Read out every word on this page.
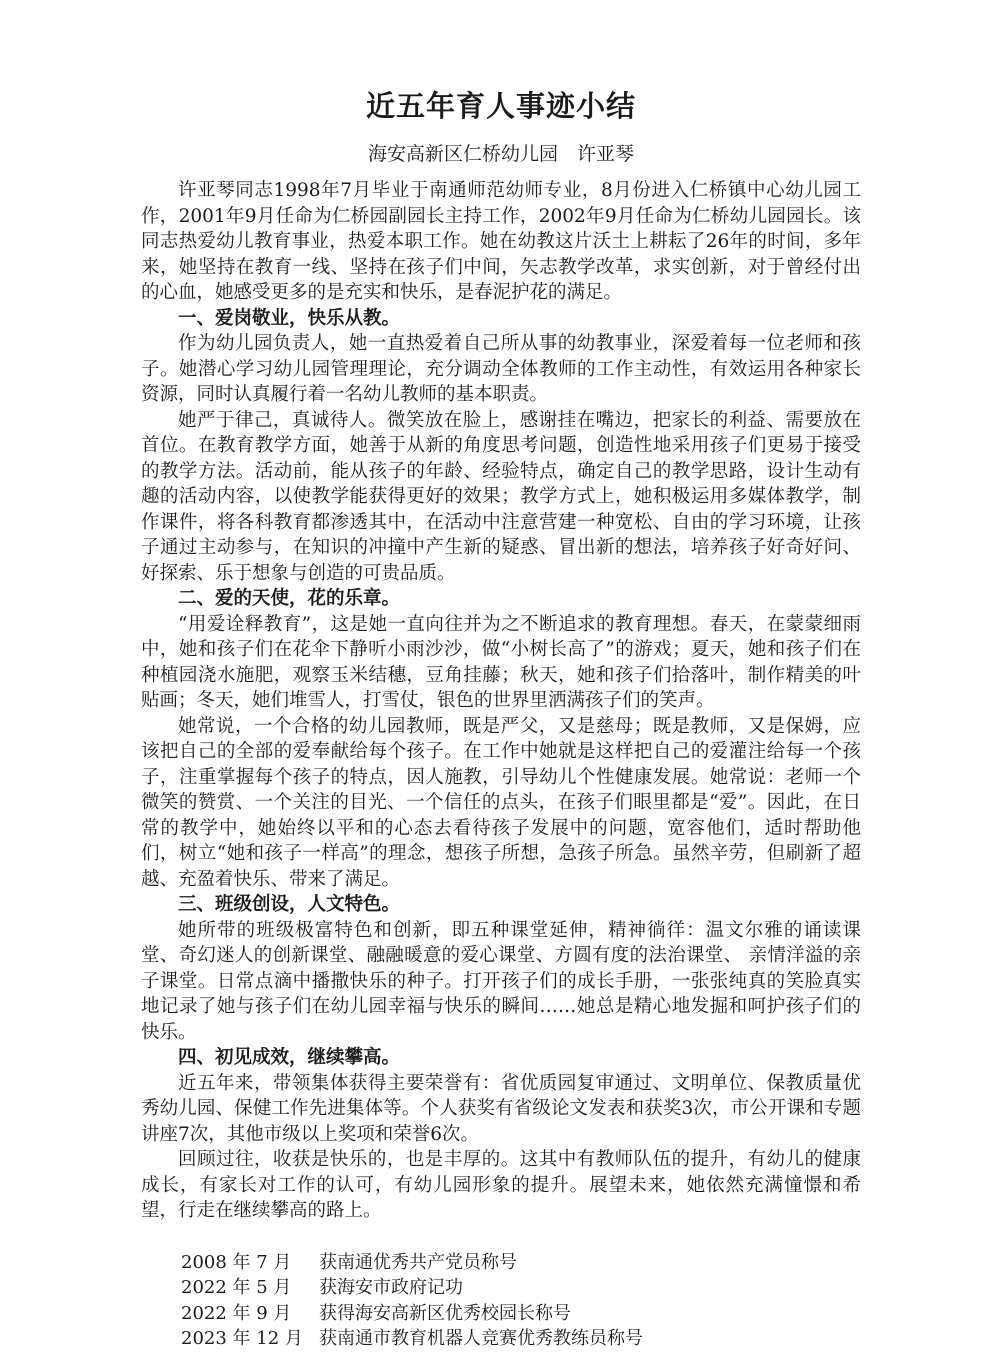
近五年育人事迹小结
海安高新区仁桥幼儿园　许亚琴

许亚琴同志1998年7月毕业于南通师范幼师专业，8月份进入仁桥镇中心幼儿园工作，2001年9月任命为仁桥园副园长主持工作，2002年9月任命为仁桥幼儿园园长。该同志热爱幼儿教育事业，热爱本职工作。她在幼教这片沃土上耕耘了26年的时间，多年来，她坚持在教育一线、坚持在孩子们中间，矢志教学改革，求实创新，对于曾经付出的心血，她感受更多的是充实和快乐，是春泥护花的满足。

一、爱岗敬业，快乐从教。

作为幼儿园负责人，她一直热爱着自己所从事的幼教事业，深爱着每一位老师和孩子。她潜心学习幼儿园管理理论，充分调动全体教师的工作主动性，有效运用各种家长资源，同时认真履行着一名幼儿教师的基本职责。

她严于律己，真诚待人。微笑放在脸上，感谢挂在嘴边，把家长的利益、需要放在首位。在教育教学方面，她善于从新的角度思考问题，创造性地采用孩子们更易于接受的教学方法。活动前，能从孩子的年龄、经验特点，确定自己的教学思路，设计生动有趣的活动内容，以使教学能获得更好的效果；教学方式上，她积极运用多媒体教学，制作课件，将各科教育都渗透其中，在活动中注意营建一种宽松、自由的学习环境，让孩子通过主动参与，在知识的冲撞中产生新的疑惑、冒出新的想法，培养孩子好奇好问、好探索、乐于想象与创造的可贵品质。

二、爱的天使，花的乐章。

“用爱诠释教育”，这是她一直向往并为之不断追求的教育理想。春天，在蒙蒙细雨中，她和孩子们在花伞下静听小雨沙沙，做“小树长高了”的游戏；夏天，她和孩子们在种植园浇水施肥，观察玉米结穗，豆角挂藤；秋天，她和孩子们拾落叶，制作精美的叶贴画；冬天，她们堆雪人，打雪仗，银色的世界里洒满孩子们的笑声。

她常说，一个合格的幼儿园教师，既是严父，又是慈母；既是教师，又是保姆，应该把自己的全部的爱奉献给每个孩子。在工作中她就是这样把自己的爱灌注给每一个孩子，注重掌握每个孩子的特点，因人施教，引导幼儿个性健康发展。她常说：老师一个微笑的赞赏、一个关注的目光、一个信任的点头，在孩子们眼里都是“爱”。因此，在日常的教学中，她始终以平和的心态去看待孩子发展中的问题，宽容他们，适时帮助他们，树立“她和孩子一样高”的理念，想孩子所想，急孩子所急。虽然辛劳，但刷新了超越、充盈着快乐、带来了满足。

三、班级创设，人文特色。

她所带的班级极富特色和创新，即五种课堂延伸，精神徜徉：温文尔雅的诵读课堂、奇幻迷人的创新课堂、融融暖意的爱心课堂、方圆有度的法治课堂、 亲情洋溢的亲子课堂。日常点滴中播撒快乐的种子。打开孩子们的成长手册，一张张纯真的笑脸真实地记录了她与孩子们在幼儿园幸福与快乐的瞬间……她总是精心地发掘和呵护孩子们的快乐。

四、初见成效，继续攀高。

近五年来，带领集体获得主要荣誉有：省优质园复审通过、文明单位、保教质量优秀幼儿园、保健工作先进集体等。个人获奖有省级论文发表和获奖3次，市公开课和专题讲座7次，其他市级以上奖项和荣誉6次。

回顾过往，收获是快乐的，也是丰厚的。这其中有教师队伍的提升，有幼儿的健康成长，有家长对工作的认可，有幼儿园形象的提升。展望未来，她依然充满憧憬和希望，行走在继续攀高的路上。

2008 年 7 月	获南通优秀共产党员称号
2022 年 5 月	获海安市政府记功
2022 年 9 月	获得海安高新区优秀校园长称号
2023 年 12 月 获南通市教育机器人竞赛优秀教练员称号
